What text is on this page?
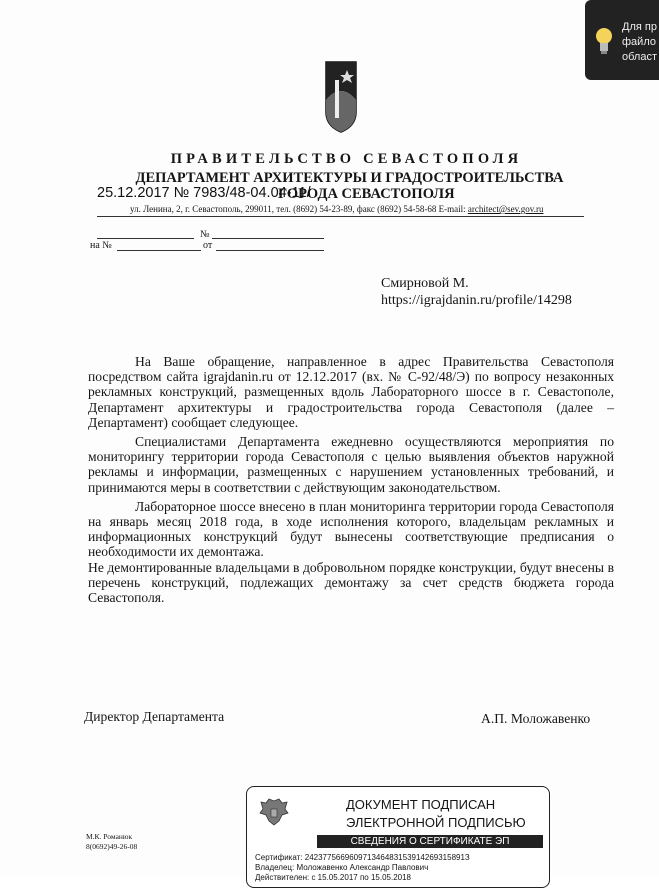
Для пр
файло
област
ПРАВИТЕЛЬСТВО СЕВАСТОПОЛЯ
ДЕПАРТАМЕНТ АРХИТЕКТУРЫ И ГРАДОСТРОИТЕЛЬСТВА
ГОРОДА СЕВАСТОПОЛЯ
25.12.2017 № 7983/48-04.04-11/
ул. Ленина, 2, г. Севастополь, 299011, тел. (8692) 54-23-89, факс (8692) 54-58-68 E-mail: architect@sev.gov.ru
№
на №	от
Смирновой М.
https://igrajdanin.ru/profile/14298

На Ваше обращение, направленное в адрес Правительства Севастополя посредством сайта igrajdanin.ru от 12.12.2017 (вх. № С-92/48/Э) по вопросу незаконных рекламных конструкций, размещенных вдоль Лабораторного шоссе в г. Севастополе, Департамент архитектуры и градостроительства города Севастополя (далее – Департамент) сообщает следующее.

Специалистами Департамента ежедневно осуществляются мероприятия по мониторингу территории города Севастополя с целью выявления объектов наружной рекламы и информации, размещенных с нарушением установленных требований, и принимаются меры в соответствии с действующим законодательством.

Лабораторное шоссе внесено в план мониторинга территории города Севастополя на январь месяц 2018 года, в ходе исполнения которого, владельцам рекламных и информационных конструкций будут вынесены соответствующие предписания о необходимости их демонтажа.

Не демонтированные владельцами в добровольном порядке конструкции, будут внесены в перечень конструкций, подлежащих демонтажу за счет средств бюджета города Севастополя.

Директор Департамента	А.П. Моложавенко
М.К. Романюк
8(0692)49-26-08
ДОКУМЕНТ ПОДПИСАН
ЭЛЕКТРОННОЙ ПОДПИСЬЮ
СВЕДЕНИЯ О СЕРТИФИКАТЕ ЭП
Сертификат: 242377566960971346483153914269315891З
Владелец: Моложавенко Александр Павлович
Действителен: с 15.05.2017 по 15.05.2018
